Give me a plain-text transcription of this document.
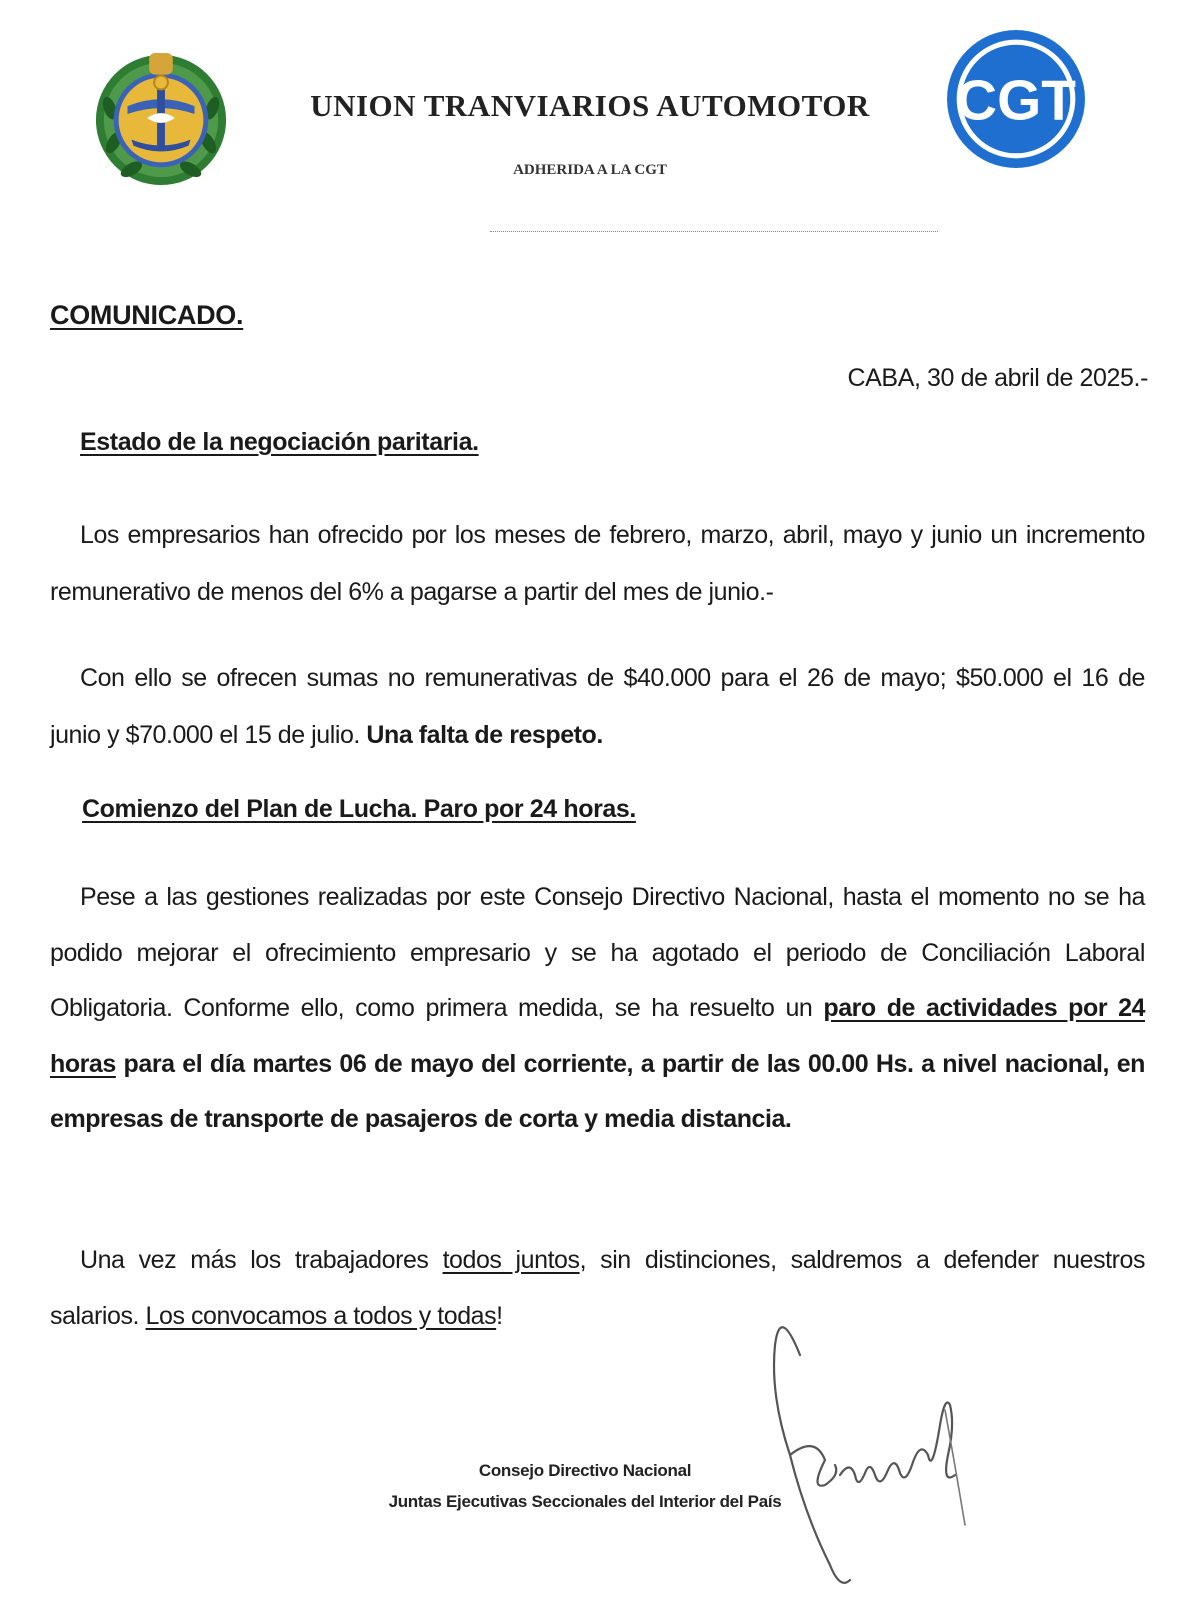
UNION TRANVIARIOS AUTOMOTOR
ADHERIDA A LA CGT
CGT
COMUNICADO.
CABA, 30 de abril de 2025.-
Estado de la negociación paritaria.

Los empresarios han ofrecido por los meses de febrero, marzo, abril, mayo y junio un incremento remunerativo de menos del 6% a pagarse a partir del mes de junio.-

Con ello se ofrecen sumas no remunerativas de $40.000 para el 26 de mayo; $50.000 el 16 de junio y $70.000 el 15 de julio. Una falta de respeto.

Comienzo del Plan de Lucha. Paro por 24 horas.

Pese a las gestiones realizadas por este Consejo Directivo Nacional, hasta el momento no se ha podido mejorar el ofrecimiento empresario y se ha agotado el periodo de Conciliación Laboral Obligatoria. Conforme ello, como primera medida, se ha resuelto un paro de actividades por 24 horas para el día martes 06 de mayo del corriente, a partir de las 00.00 Hs. a nivel nacional, en empresas de transporte de pasajeros de corta y media distancia.

Una vez más los trabajadores todos juntos, sin distinciones, saldremos a defender nuestros salarios. Los convocamos a todos y todas!

Consejo Directivo Nacional
Juntas Ejecutivas Seccionales del Interior del País
